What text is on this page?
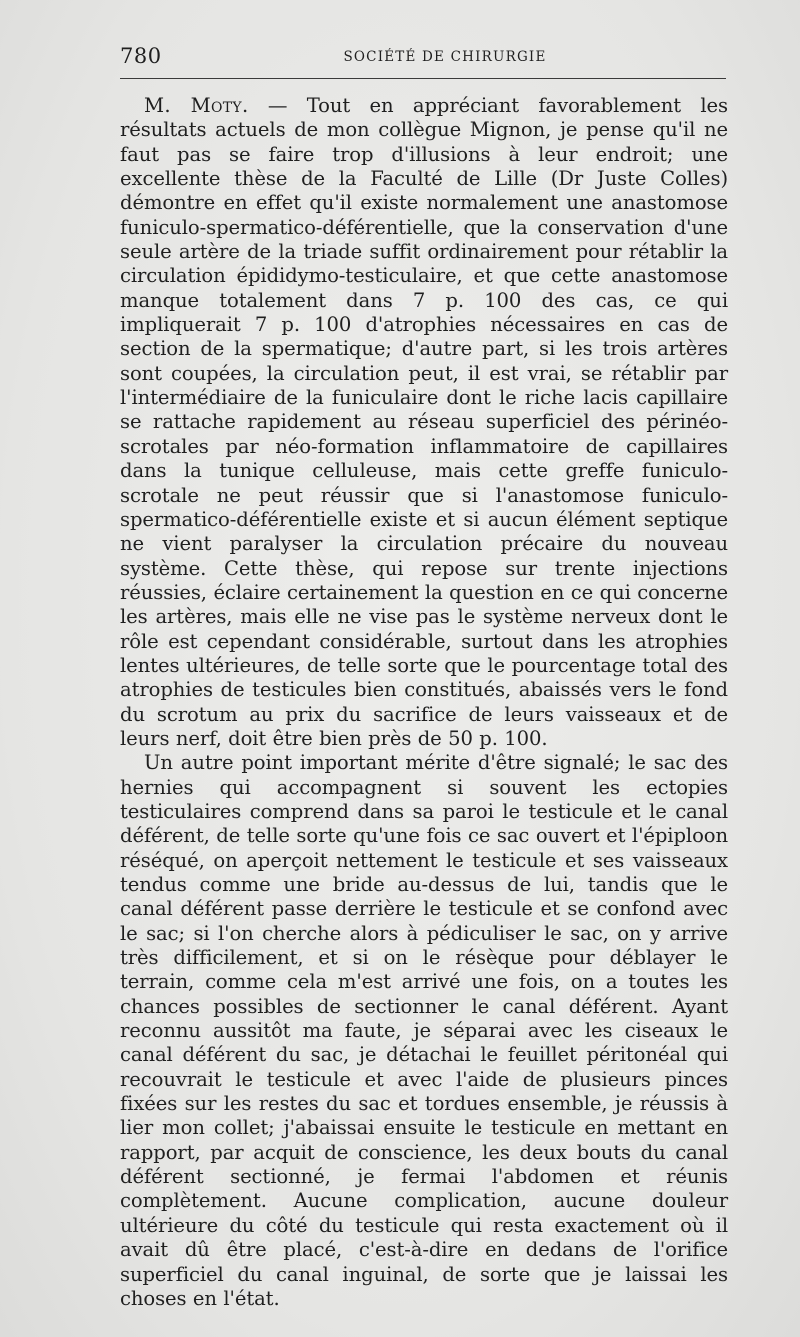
780	SOCIÉTÉ DE CHIRURGIE

M. Moty. — Tout en appréciant favorablement les résultats actuels de mon collègue Mignon, je pense qu'il ne faut pas se faire trop d'illusions à leur endroit; une excellente thèse de la Faculté de Lille (Dr Juste Colles) démontre en effet qu'il existe normalement une anastomose funiculo-spermatico-déférentielle, que la conservation d'une seule artère de la triade suffit ordinairement pour rétablir la circulation épididymo-testiculaire, et que cette anastomose manque totalement dans 7 p. 100 des cas, ce qui impliquerait 7 p. 100 d'atrophies nécessaires en cas de section de la spermatique; d'autre part, si les trois artères sont coupées, la circulation peut, il est vrai, se rétablir par l'intermédiaire de la funiculaire dont le riche lacis capillaire se rattache rapidement au réseau superficiel des périnéo-scrotales par néo-formation inflammatoire de capillaires dans la tunique celluleuse, mais cette greffe funiculo-scrotale ne peut réussir que si l'anastomose funiculo-spermatico-déférentielle existe et si aucun élément septique ne vient paralyser la circulation précaire du nouveau système. Cette thèse, qui repose sur trente injections réussies, éclaire certainement la question en ce qui concerne les artères, mais elle ne vise pas le système nerveux dont le rôle est cependant considérable, surtout dans les atrophies lentes ultérieures, de telle sorte que le pourcentage total des atrophies de testicules bien constitués, abaissés vers le fond du scrotum au prix du sacrifice de leurs vaisseaux et de leurs nerf, doit être bien près de 50 p. 100.

Un autre point important mérite d'être signalé; le sac des hernies qui accompagnent si souvent les ectopies testiculaires comprend dans sa paroi le testicule et le canal déférent, de telle sorte qu'une fois ce sac ouvert et l'épiploon réséqué, on aperçoit nettement le testicule et ses vaisseaux tendus comme une bride au-dessus de lui, tandis que le canal déférent passe derrière le testicule et se confond avec le sac; si l'on cherche alors à pédiculiser le sac, on y arrive très difficilement, et si on le résèque pour déblayer le terrain, comme cela m'est arrivé une fois, on a toutes les chances possibles de sectionner le canal déférent. Ayant reconnu aussitôt ma faute, je séparai avec les ciseaux le canal déférent du sac, je détachai le feuillet péritonéal qui recouvrait le testicule et avec l'aide de plusieurs pinces fixées sur les restes du sac et tordues ensemble, je réussis à lier mon collet; j'abaissai ensuite le testicule en mettant en rapport, par acquit de conscience, les deux bouts du canal déférent sectionné, je fermai l'abdomen et réunis complètement. Aucune complication, aucune douleur ultérieure du côté du testicule qui resta exactement où il avait dû être placé, c'est-à-dire en dedans de l'orifice superficiel du canal inguinal, de sorte que je laissai les choses en l'état.
